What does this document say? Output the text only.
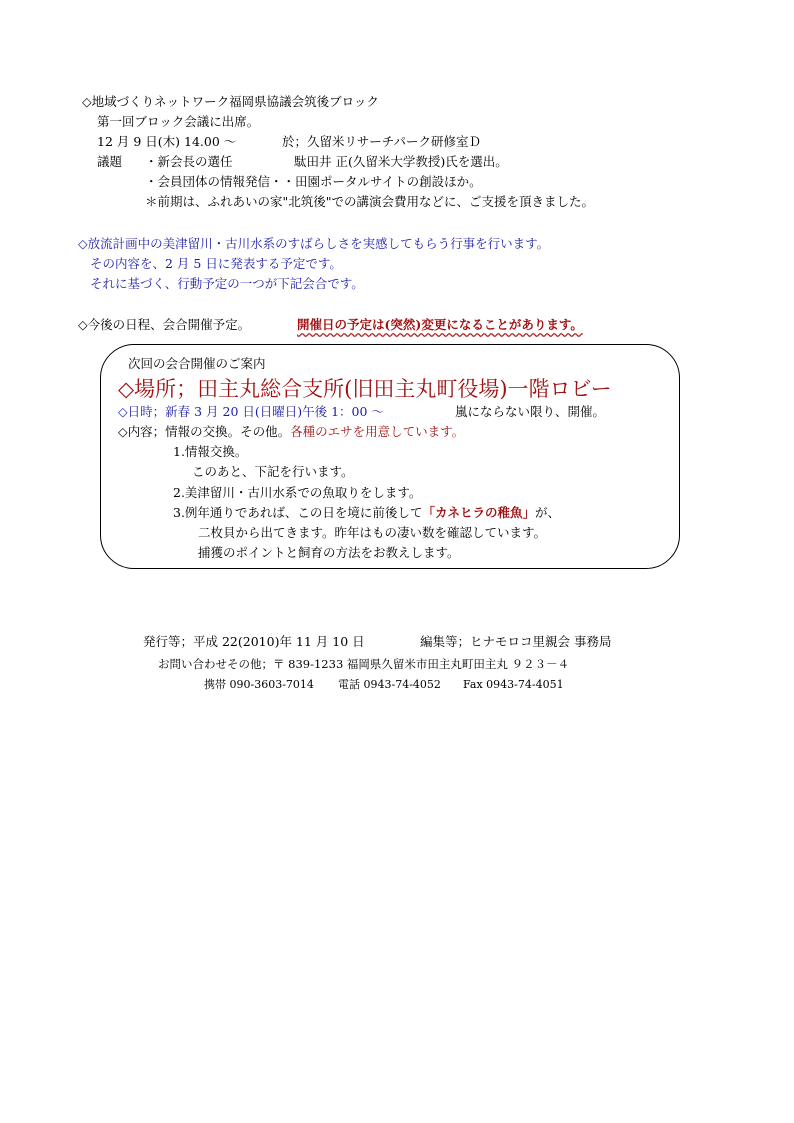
◇地域づくりネットワーク福岡県協議会筑後ブロック
第一回ブロック会議に出席。
12 月 9 日(木) 14.00 〜	於；久留米リサーチパーク研修室Ｄ
議題 ・新会長の選任	駄田井 正(久留米大学教授)氏を選出。
・会員団体の情報発信・・田園ポータルサイトの創設ほか。
＊前期は、ふれあいの家"北筑後"での講演会費用などに、ご支援を頂きました。
◇放流計画中の美津留川・古川水系のすばらしさを実感してもらう行事を行います。
その内容を、2 月 5 日に発表する予定です。
それに基づく、行動予定の一つが下記会合です。
◇今後の日程、会合開催予定。	開催日の予定は(突然)変更になることがあります。
次回の会合開催のご案内
◇場所；田主丸総合支所(旧田主丸町役場)一階ロビー
◇日時；新春 3 月 20 日(日曜日)午後 1：00 〜	嵐にならない限り、開催。
◇内容；情報の交換。その他。各種のエサを用意しています。
1.情報交換。
このあと、下記を行います。
2.美津留川・古川水系での魚取りをします。
3.例年通りであれば、この日を境に前後して「カネヒラの稚魚」が、
二枚貝から出てきます。昨年はもの凄い数を確認しています。
捕獲のポイントと飼育の方法をお教えします。
発行等；平成 22(2010)年 11 月 10 日	編集等；ヒナモロコ里親会 事務局
お問い合わせその他；〒 839-1233 福岡県久留米市田主丸町田主丸 ９２３－４
携帯 090-3603-7014 電話 0943-74-4052 Fax 0943-74-4051
